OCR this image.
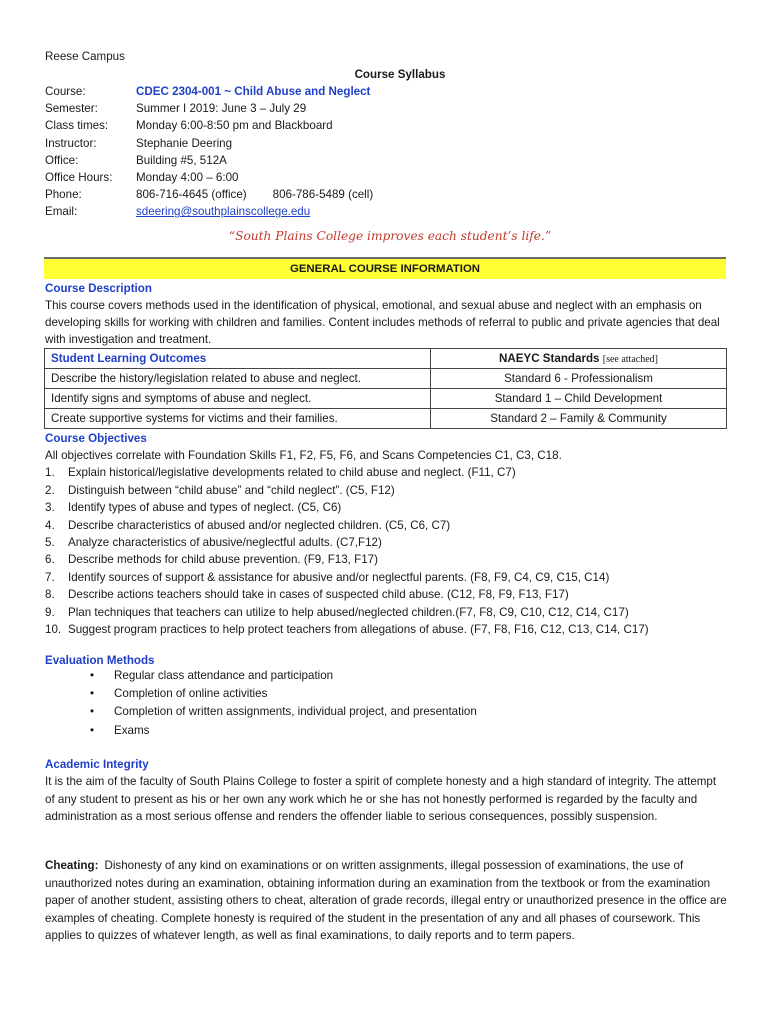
Reese Campus
Course Syllabus
Course:	CDEC 2304-001 ~ Child Abuse and Neglect
Semester:	Summer I 2019: June 3 – July 29
Class times:	Monday 6:00-8:50 pm and Blackboard
Instructor:	Stephanie Deering
Office:	Building #5, 512A
Office Hours:	Monday 4:00 – 6:00
Phone:	806-716-4645 (office) 806-786-5489 (cell)
Email:	sdeering@southplainscollege.edu
“South Plains College improves each student’s life.”
GENERAL COURSE INFORMATION
Course Description
This course covers methods used in the identification of physical, emotional, and sexual abuse and neglect with an emphasis on developing skills for working with children and families. Content includes methods of referral to public and private agencies that deal with investigation and treatment.
Student Learning Outcomes	NAEYC Standards [see attached]
Describe the history/legislation related to abuse and neglect.	Standard 6 - Professionalism
Identify signs and symptoms of abuse and neglect.	Standard 1 – Child Development
Create supportive systems for victims and their families.	Standard 2 – Family & Community
Course Objectives
All objectives correlate with Foundation Skills F1, F2, F5, F6, and Scans Competencies C1, C3, C18.
1. Explain historical/legislative developments related to child abuse and neglect. (F11, C7)
2. Distinguish between “child abuse” and “child neglect”. (C5, F12)
3. Identify types of abuse and types of neglect. (C5, C6)
4. Describe characteristics of abused and/or neglected children. (C5, C6, C7)
5. Analyze characteristics of abusive/neglectful adults. (C7,F12)
6. Describe methods for child abuse prevention. (F9, F13, F17)
7. Identify sources of support & assistance for abusive and/or neglectful parents. (F8, F9, C4, C9, C15, C14)
8. Describe actions teachers should take in cases of suspected child abuse. (C12, F8, F9, F13, F17)
9. Plan techniques that teachers can utilize to help abused/neglected children.(F7, F8, C9, C10, C12, C14, C17)
10. Suggest program practices to help protect teachers from allegations of abuse. (F7, F8, F16, C12, C13, C14, C17)
Evaluation Methods
• Regular class attendance and participation
• Completion of online activities
• Completion of written assignments, individual project, and presentation
• Exams
Academic Integrity
It is the aim of the faculty of South Plains College to foster a spirit of complete honesty and a high standard of integrity. The attempt of any student to present as his or her own any work which he or she has not honestly performed is regarded by the faculty and administration as a most serious offense and renders the offender liable to serious consequences, possibly suspension.
Cheating: Dishonesty of any kind on examinations or on written assignments, illegal possession of examinations, the use of unauthorized notes during an examination, obtaining information during an examination from the textbook or from the examination paper of another student, assisting others to cheat, alteration of grade records, illegal entry or unauthorized presence in the office are examples of cheating. Complete honesty is required of the student in the presentation of any and all phases of coursework. This applies to quizzes of whatever length, as well as final examinations, to daily reports and to term papers.
